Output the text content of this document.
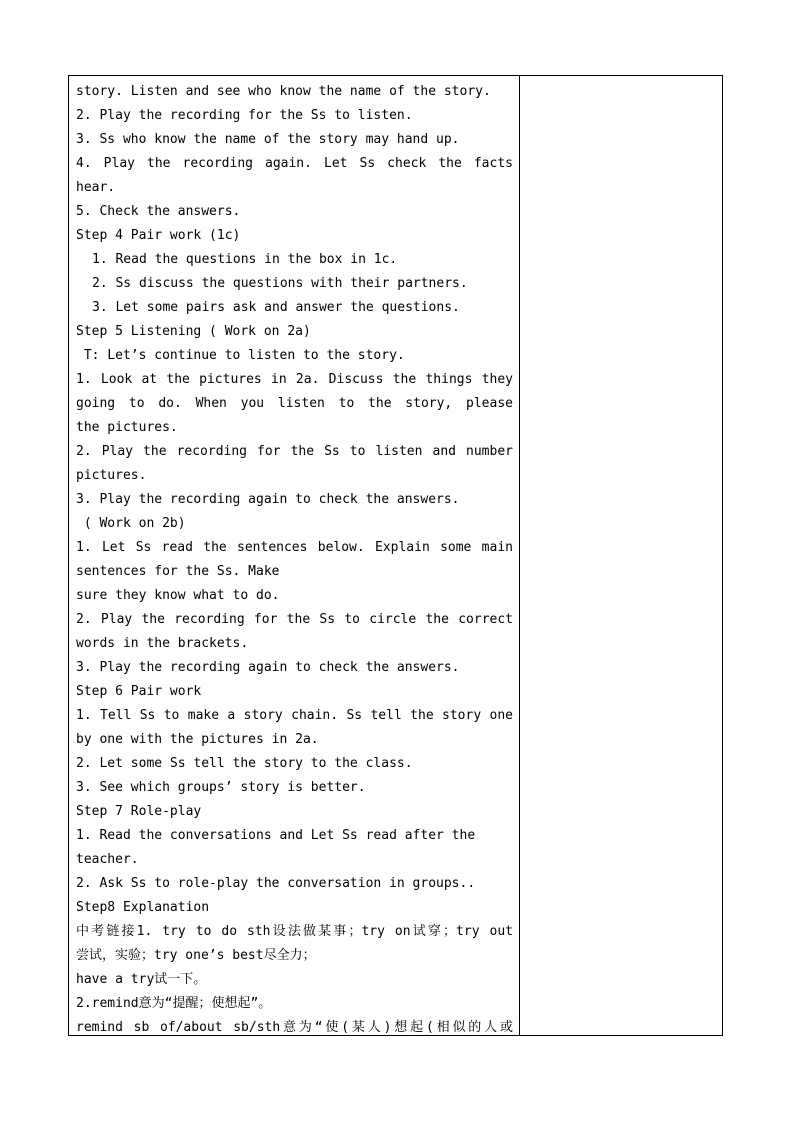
story. Listen and see who know the name of the story.
2. Play the recording for the Ss to listen.
3. Ss who know the name of the story may hand up.
4. Play the recording again. Let Ss check the facts
hear.
5. Check the answers.
Step 4 Pair work (1c)
1. Read the questions in the box in 1c.
2. Ss discuss the questions with their partners.
3. Let some pairs ask and answer the questions.
Step 5 Listening ( Work on 2a)
T: Let’s continue to listen to the story.
1. Look at the pictures in 2a. Discuss the things they
going to do. When you listen to the story, please
the pictures.
2. Play the recording for the Ss to listen and number
pictures.
3. Play the recording again to check the answers.
( Work on 2b)
1. Let Ss read the sentences below. Explain some main
sentences for the Ss. Make
sure they know what to do.
2. Play the recording for the Ss to circle the correct
words in the brackets.
3. Play the recording again to check the answers.
Step 6 Pair work
1. Tell Ss to make a story chain. Ss tell the story one
by one with the pictures in 2a.
2. Let some Ss tell the story to the class.
3. See which groups’ story is better.
Step 7 Role-play
1. Read the conversations and Let Ss read after the
teacher.
2. Ask Ss to role-play the conversation in groups..
Step8 Explanation
中考链接1. try to do sth设法做某事；try on试穿；try out
尝试，实验；try one’s best尽全力；
have a try试一下。
2.remind意为“提醒；使想起”。
remind sb of/about sb/sth意为“使(某人)想起(相似的人或
